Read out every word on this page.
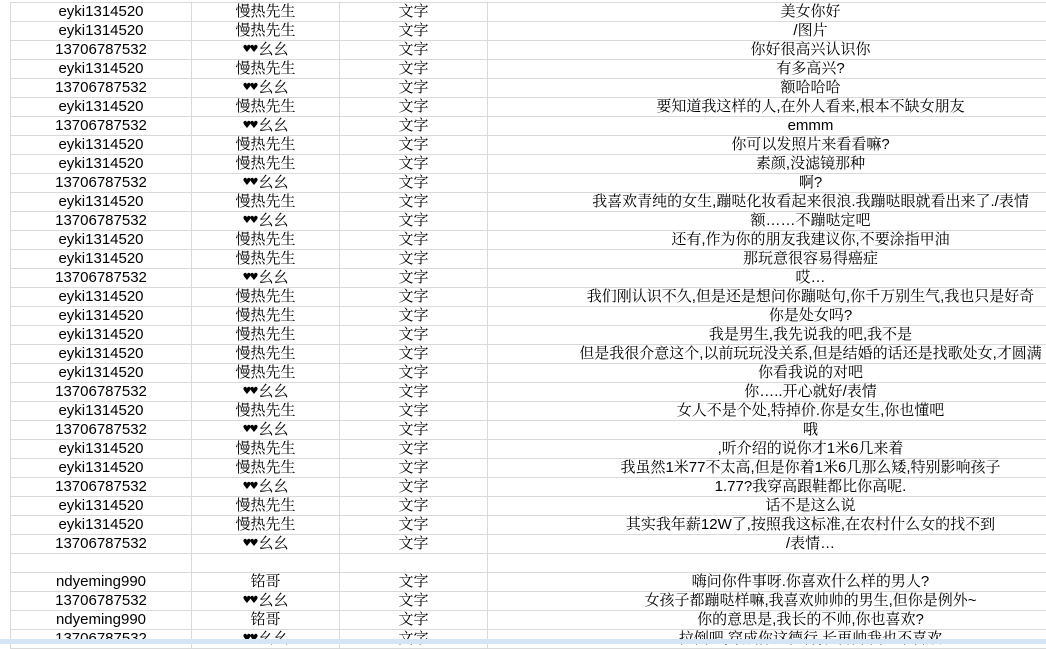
eyki1314520	慢热先生	文字	美女你好
eyki1314520	慢热先生	文字	/图片
13706787532	♥♥ 幺幺	文字	你好很高兴认识你
eyki1314520	慢热先生	文字	有多高兴?
13706787532	♥♥ 幺幺	文字	额哈哈哈
eyki1314520	慢热先生	文字	要知道我这样的人,在外人看来,根本不缺女朋友
13706787532	♥♥ 幺幺	文字	emmm
eyki1314520	慢热先生	文字	你可以发照片来看看嘛?
eyki1314520	慢热先生	文字	素颜,没滤镜那种
13706787532	♥♥ 幺幺	文字	啊?
eyki1314520	慢热先生	文字	我喜欢青纯的女生,蹦哒化妆看起来很浪.我蹦哒眼就看出来了./表情
13706787532	♥♥ 幺幺	文字	额……不蹦哒定吧
eyki1314520	慢热先生	文字	还有,作为你的朋友我建议你,不要涂指甲油
eyki1314520	慢热先生	文字	那玩意很容易得癌症
13706787532	♥♥ 幺幺	文字	哎…
eyki1314520	慢热先生	文字	我们刚认识不久,但是还是想问你蹦哒句,你千万别生气,我也只是好奇
eyki1314520	慢热先生	文字	你是处女吗?
eyki1314520	慢热先生	文字	我是男生,我先说我的吧,我不是
eyki1314520	慢热先生	文字	但是我很介意这个,以前玩玩没关系,但是结婚的话还是找歌处女,才圆满
eyki1314520	慢热先生	文字	你看我说的对吧
13706787532	♥♥ 幺幺	文字	你…..开心就好/表情
eyki1314520	慢热先生	文字	女人不是个处,特掉价.你是女生,你也懂吧
13706787532	♥♥ 幺幺	文字	哦
eyki1314520	慢热先生	文字	,听介绍的说你才1米6几来着
eyki1314520	慢热先生	文字	我虽然1米77不太高,但是你着1米6几那么矮,特别影响孩子
13706787532	♥♥ 幺幺	文字	1.77?我穿高跟鞋都比你高呢.
eyki1314520	慢热先生	文字	话不是这么说
eyki1314520	慢热先生	文字	其实我年薪12W了,按照我这标准,在农村什么女的找不到
13706787532	♥♥ 幺幺	文字	/表情…
ndyeming990	铭哥	文字	嗨问你件事呀.你喜欢什么样的男人?
13706787532	♥♥ 幺幺	文字	女孩子都蹦哒样嘛,我喜欢帅帅的男生,但你是例外~
ndyeming990	铭哥	文字	你的意思是,我长的不帅,你也喜欢?
